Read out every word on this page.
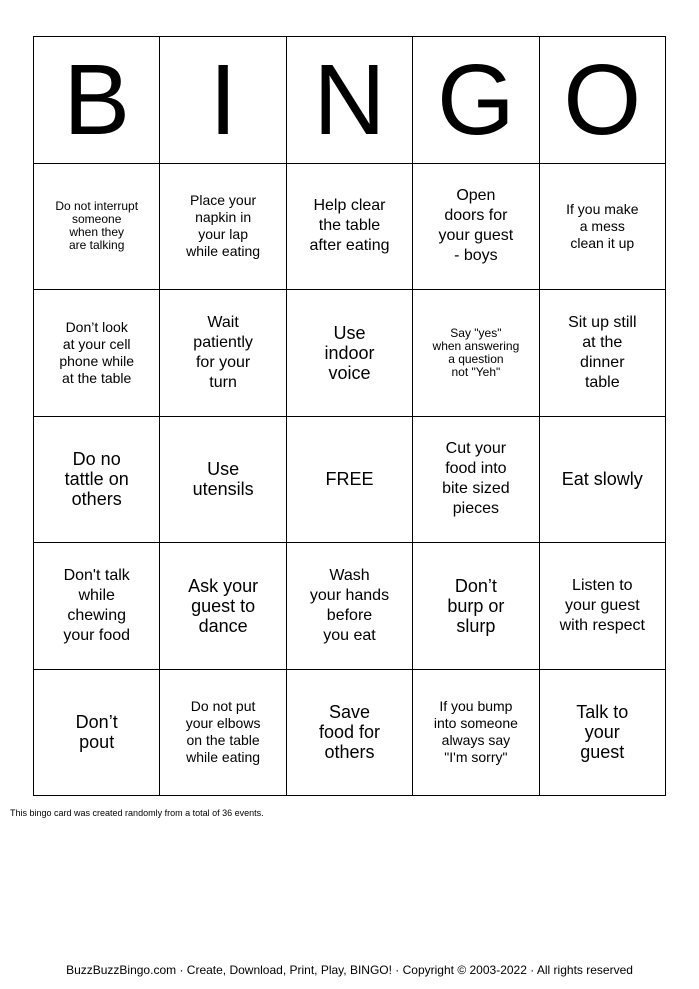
B I N G O
Do not interrupt
someone
when they
are talking
Place your
napkin in
your lap
while eating
Help clear
the table
after eating
Open
doors for
your guest
- boys
If you make
a mess
clean it up
Don’t look
at your cell
phone while
at the table
Wait
patiently
for your
turn
Use
indoor
voice
Say "yes"
when answering
a question
not "Yeh"
Sit up still
at the
dinner
table
Do no
tattle on
others
Use
utensils	FREE
Cut your
food into
bite sized
pieces
Eat slowly
Don't talk
while
chewing
your food
Ask your
guest to
dance
Wash
your hands
before
you eat
Don’t
burp or
slurp
Listen to
your guest
with respect
Don’t
pout
Do not put
your elbows
on the table
while eating
Save
food for
others
If you bump
into someone
always say
"I'm sorry"
Talk to
your
guest
This bingo card was created randomly from a total of 36 events.
BuzzBuzzBingo.com · Create, Download, Print, Play, BINGO! · Copyright © 2003-2022 · All rights reserved
